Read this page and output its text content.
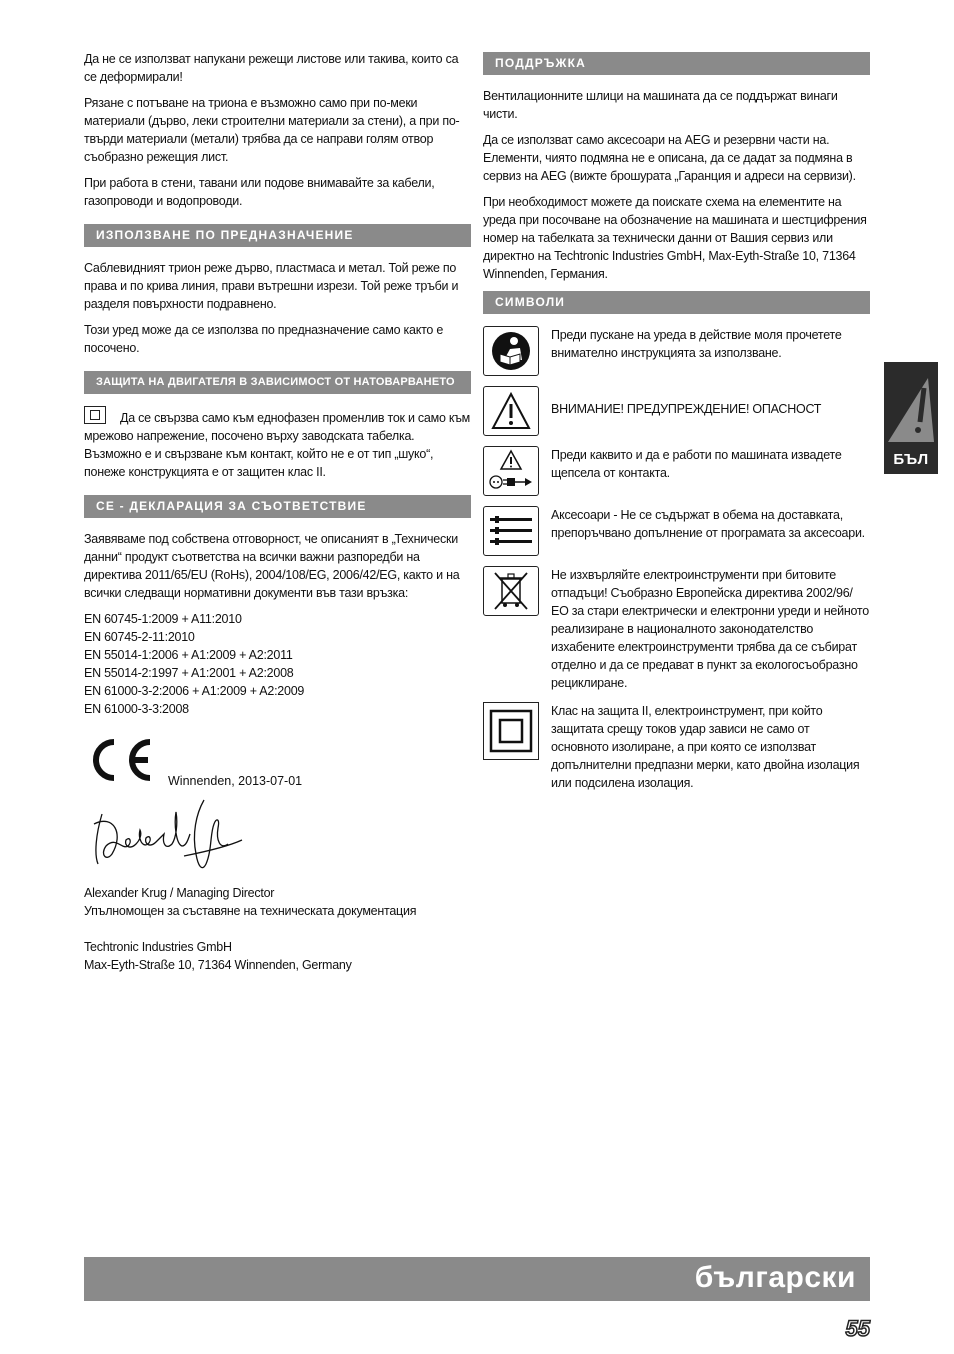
Да не се използват напукани режещи листове или такива, които са се деформирали!

Рязане с потъване на триона е възможно само при по-меки материали (дърво, леки строителни материали за стени), а при по-твърди материали (метали) трябва да се направи голям отвор съобразно режещия лист.

При работа в стени, тавани или подове внимавайте за кабели, газопроводи и водопроводи.

ИЗПОЛЗВАНЕ ПО ПРЕДНАЗНАЧЕНИЕ

Саблевидният трион реже дърво, пластмаса и метал. Той реже по права и по крива линия, прави вътрешни изрези. Той реже тръби и разделя повърхности подравнено.

Този уред може да се използва по предназначение само както е посочено.

ЗАЩИТА НА ДВИГАТЕЛЯ В ЗАВИСИМОСТ ОТ НАТОВАРВАНЕТО

Да се свързва само към еднофазен променлив ток и само към мрежово напрежение, посочено върху заводската табелка. Възможно е и свързване към контакт, който не е от тип „шуко“, понеже конструкцията е от защитен клас II.

CE - ДЕКЛАРАЦИЯ ЗА СЪОТВЕТСТВИЕ

Заявяваме под собствена отговорност, че описаният в „Технически данни“ продукт съответства на всички важни разпоредби на директива 2011/65/EU (RoHs), 2004/108/EG, 2006/42/EG, както и на всички следващи нормативни документи във тази връзка:

EN 60745-1:2009 + A11:2010

EN 60745-2-11:2010

EN 55014-1:2006 + A1:2009 + A2:2011

EN 55014-2:1997 + A1:2001 + A2:2008

EN 61000-3-2:2006 + A1:2009 + A2:2009

EN 61000-3-3:2008

Winnenden, 2013-07-01

Alexander Krug / Managing Director

Упълномощен за съставяне на техническата документация

Techtronic Industries GmbH

Max-Eyth-Straße 10, 71364 Winnenden, Germany

ПОДДРЪЖКА

Вентилационните шлици на машината да се поддържат винаги чисти.

Да се използват само аксесоари на AEG и резервни части на. Елементи, чиято подмяна не е описана, да се дадат за подмяна в сервиз на AEG (вижте брошурата „Гаранция и адреси на сервизи).

При необходимост можете да поискате схема на елементите на уреда при посочване на обозначение на машината и шестцифрения номер на табелката за технически данни от Вашия сервиз или директно на Techtronic Industries GmbH, Max-Eyth-Straße 10, 71364 Winnenden, Германия.

СИМВОЛИ
Преди пускане на уреда в действие моля прочетете внимателно инструкцията за използване.
ВНИМАНИЕ! ПРЕДУПРЕЖДЕНИЕ! ОПАСНОСТ
Преди каквито и да е работи по машината извадете щепсела от контакта.
Аксесоари - Не се съдържат в обема на доставката, препоръчвано допълнение от програмата за аксесоари.
Не изхвърляйте електроинструменти при битовите отпадъци! Съобразно Европейска директива 2002/96/ЕО за стари електрически и електронни уреди и нейното реализиране в националното законодателство изхабените електроинструменти трябва да се събират отделно и да се предават в пункт за екологосъобразно рециклиране.
Клас на защита II, електроинструмент, при който защитата срещу токов удар зависи не само от основното изолиране, а при която се използват допълнителни предпазни мерки, като двойна изолация или подсилена изолация.
БЪЛ
български
55
